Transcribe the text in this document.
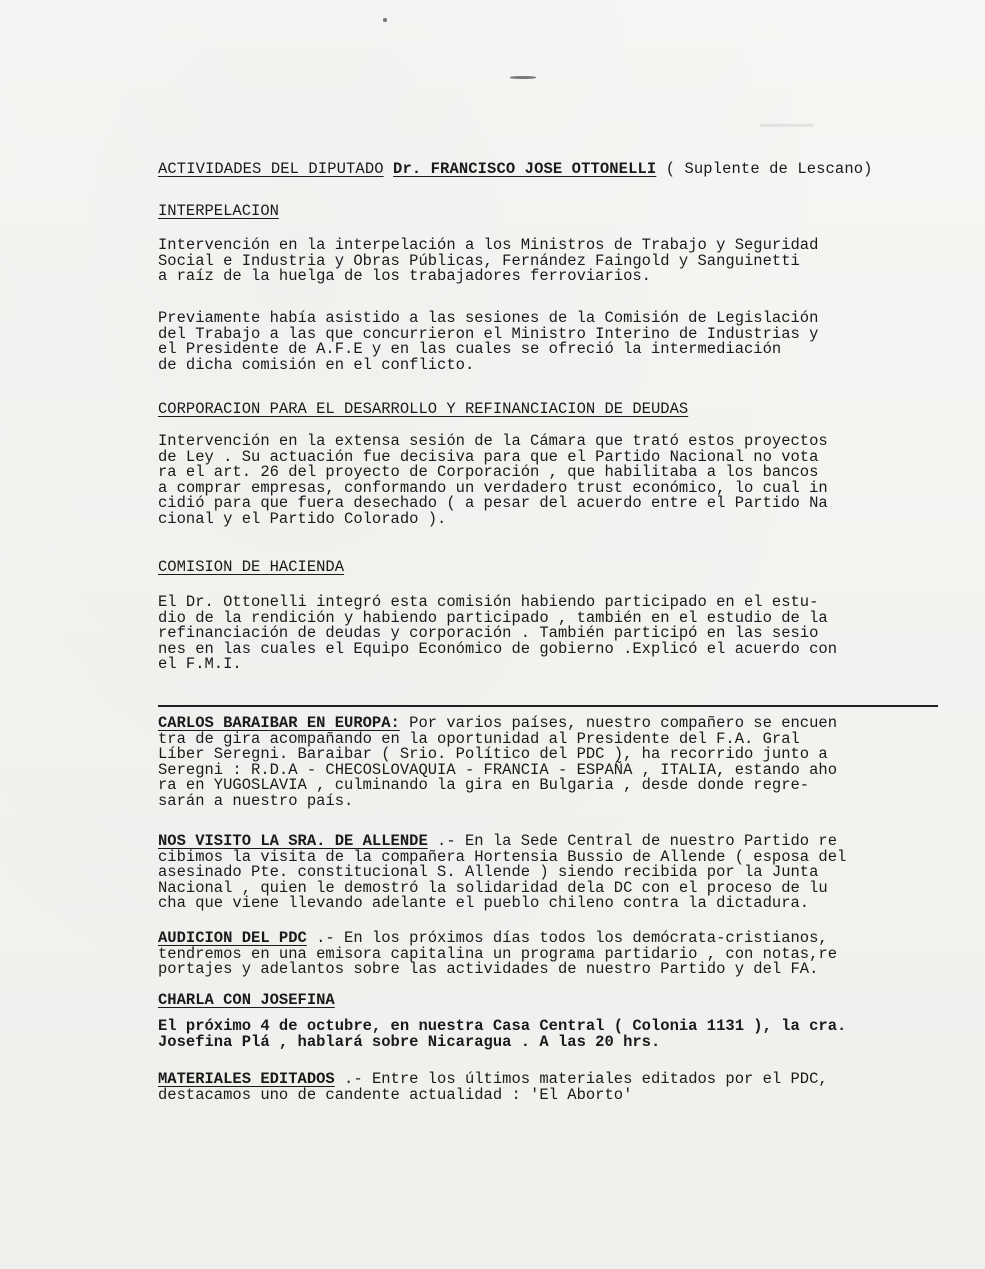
▬▬▬▬▬▬
ACTIVIDADES DEL DIPUTADO Dr. FRANCISCO JOSE OTTONELLI ( Suplente de Lescano)
INTERPELACION
Intervención en la interpelación a los Ministros de Trabajo y Seguridad
Social e Industria y Obras Públicas, Fernández Faingold y Sanguinetti
a raíz de la huelga de los trabajadores ferroviarios.
Previamente había asistido a las sesiones de la Comisión de Legislación
del Trabajo a las que concurrieron el Ministro Interino de Industrias y
el Presidente de A.F.E y en las cuales se ofreció la intermediación
de dicha comisión en el conflicto.
CORPORACION PARA EL DESARROLLO Y REFINANCIACION DE DEUDAS
Intervención en la extensa sesión de la Cámara que trató estos proyectos
de Ley . Su actuación fue decisiva para que el Partido Nacional no vota
ra el art. 26 del proyecto de Corporación , que habilitaba a los bancos
a comprar empresas, conformando un verdadero trust económico, lo cual in
cidió para que fuera desechado ( a pesar del acuerdo entre el Partido Na
cional y el Partido Colorado ).
COMISION DE HACIENDA
El Dr. Ottonelli integró esta comisión habiendo participado en el estu-
dio de la rendición y habiendo participado , también en el estudio de la
refinanciación de deudas y corporación . También participó en las sesio
nes en las cuales el Equipo Económico de gobierno .Explicó el acuerdo con
el F.M.I.
CARLOS BARAIBAR EN EUROPA: Por varios países, nuestro compañero se encuen
tra de gira acompañando en la oportunidad al Presidente del F.A. Gral
Líber Seregni. Baraibar ( Srio. Político del PDC ), ha recorrido junto a
Seregni : R.D.A - CHECOSLOVAQUIA - FRANCIA - ESPAÑA , ITALIA, estando aho
ra en YUGOSLAVIA , culminando la gira en Bulgaria , desde donde regre-
sarán a nuestro país.
NOS VISITO LA SRA. DE ALLENDE .- En la Sede Central de nuestro Partido re
cibimos la visita de la compañera Hortensia Bussio de Allende ( esposa del
asesinado Pte. constitucional S. Allende ) siendo recibida por la Junta
Nacional , quien le demostró la solidaridad dela DC con el proceso de lu
cha que viene llevando adelante el pueblo chileno contra la dictadura.
AUDICION DEL PDC .- En los próximos días todos los demócrata-cristianos,
tendremos en una emisora capitalina un programa partidario , con notas,re
portajes y adelantos sobre las actividades de nuestro Partido y del FA.
CHARLA CON JOSEFINA
El próximo 4 de octubre, en nuestra Casa Central ( Colonia 1131 ), la cra.
Josefina Plá , hablará sobre Nicaragua . A las 20 hrs.
MATERIALES EDITADOS .- Entre los últimos materiales editados por el PDC,
destacamos uno de candente actualidad : 'El Aborto'
